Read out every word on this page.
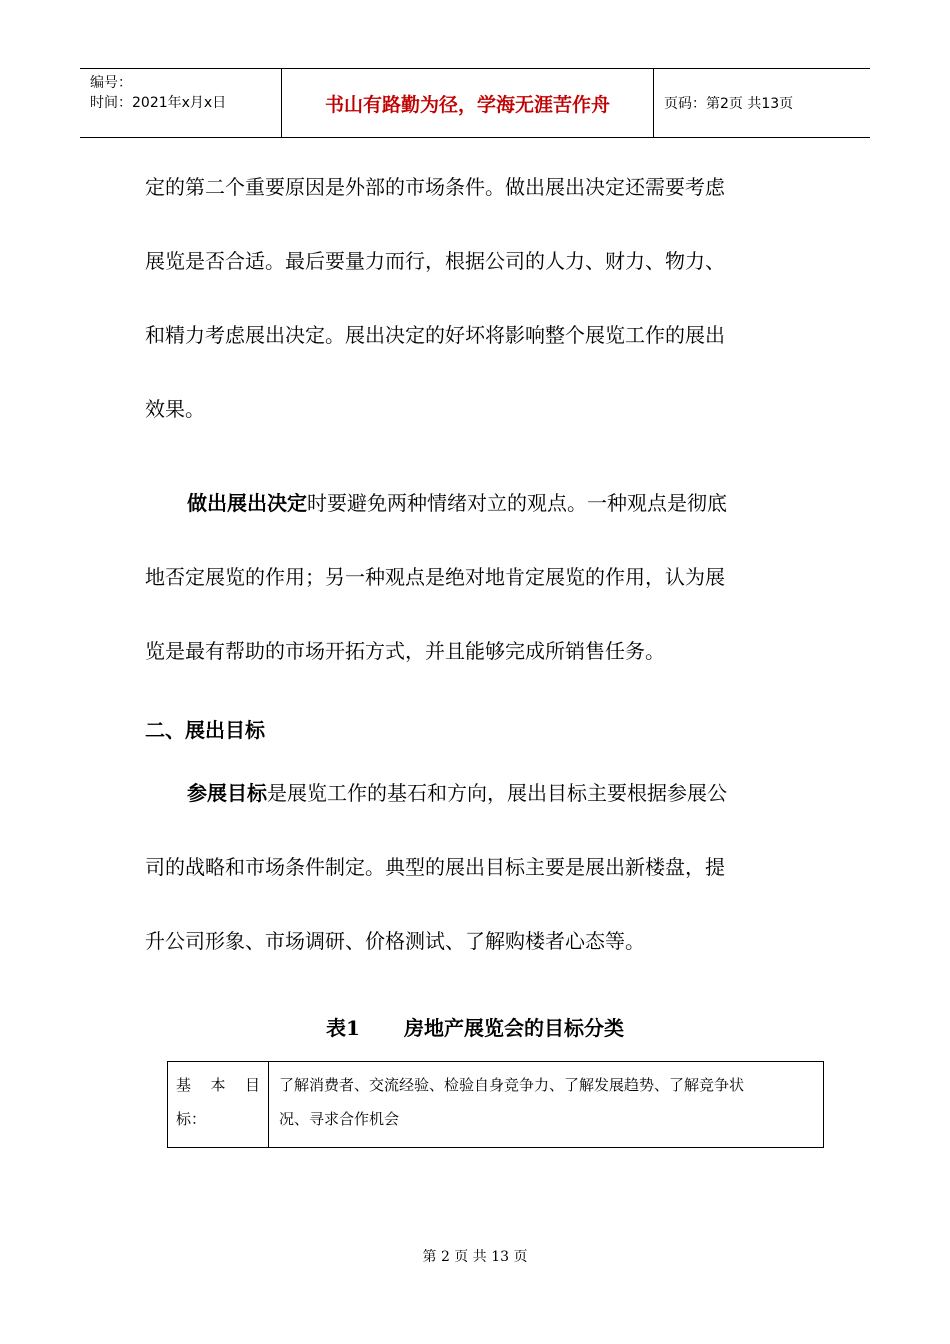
编号：
时间：2021年x月x日	书山有路勤为径，学海无涯苦作舟	页码：第2页 共13页

定的第二个重要原因是外部的市场条件。做出展出决定还需要考虑

展览是否合适。最后要量力而行，根据公司的人力、财力、物力、

和精力考虑展出决定。展出决定的好坏将影响整个展览工作的展出

效果。

做出展出决定时要避免两种情绪对立的观点。一种观点是彻底

地否定展览的作用；另一种观点是绝对地肯定展览的作用，认为展

览是最有帮助的市场开拓方式，并且能够完成所销售任务。

二、展出目标

参展目标是展览工作的基石和方向，展出目标主要根据参展公

司的战略和市场条件制定。典型的展出目标主要是展出新楼盘，提

升公司形象、市场调研、价格测试、了解购楼者心态等。

表1 房地产展览会的目标分类
基 本 目
标：
了解消费者、交流经验、检验自身竞争力、了解发展趋势、了解竞争状
况、寻求合作机会
第 2 页 共 13 页
